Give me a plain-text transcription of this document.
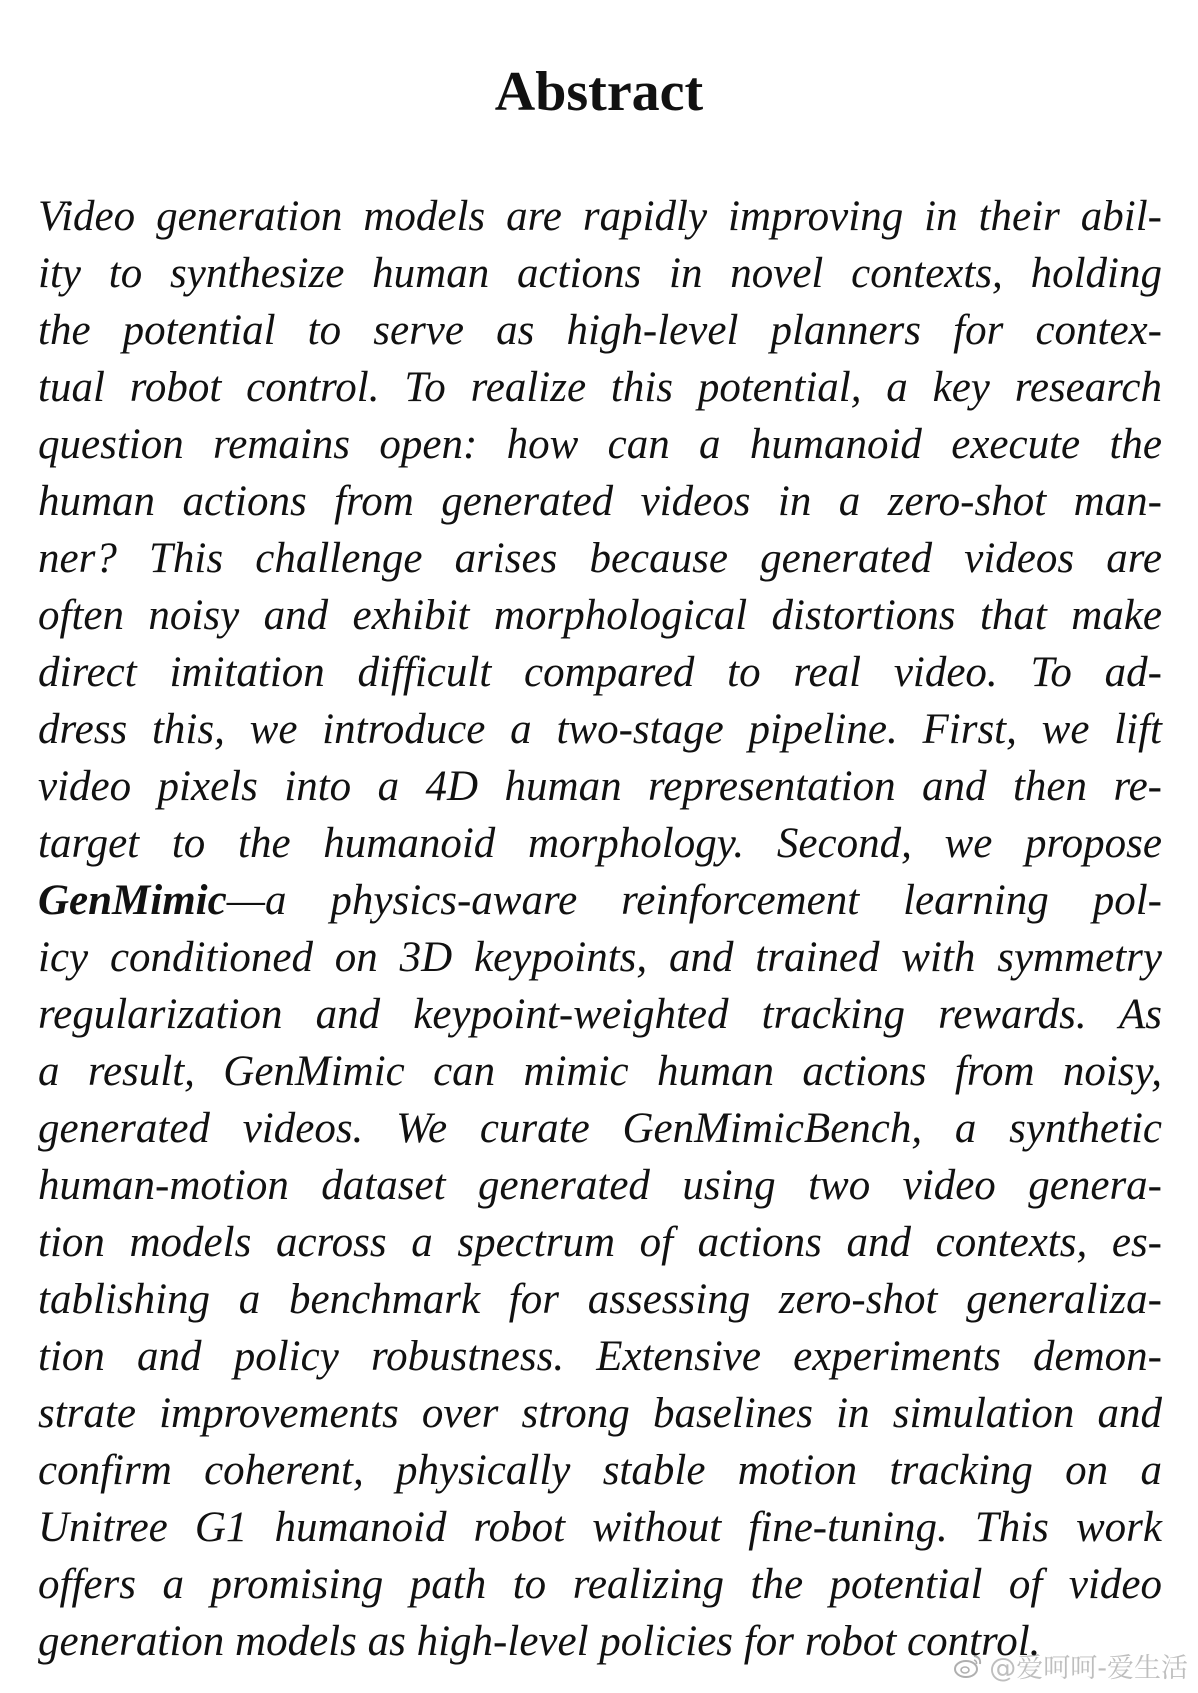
Abstract
Video generation models are rapidly improving in their abil-
ity to synthesize human actions in novel contexts, holding
the potential to serve as high-level planners for contex-
tual robot control. To realize this potential, a key research
question remains open: how can a humanoid execute the
human actions from generated videos in a zero-shot man-
ner? This challenge arises because generated videos are
often noisy and exhibit morphological distortions that make
direct imitation difficult compared to real video. To ad-
dress this, we introduce a two-stage pipeline. First, we lift
video pixels into a 4D human representation and then re-
target to the humanoid morphology. Second, we propose
GenMimic—a physics-aware reinforcement learning pol-
icy conditioned on 3D keypoints, and trained with symmetry
regularization and keypoint-weighted tracking rewards. As
a result, GenMimic can mimic human actions from noisy,
generated videos. We curate GenMimicBench, a synthetic
human-motion dataset generated using two video genera-
tion models across a spectrum of actions and contexts, es-
tablishing a benchmark for assessing zero-shot generaliza-
tion and policy robustness. Extensive experiments demon-
strate improvements over strong baselines in simulation and
confirm coherent, physically stable motion tracking on a
Unitree G1 humanoid robot without fine-tuning. This work
offers a promising path to realizing the potential of video
generation models as high-level policies for robot control.
@爱呵呵-爱生活
